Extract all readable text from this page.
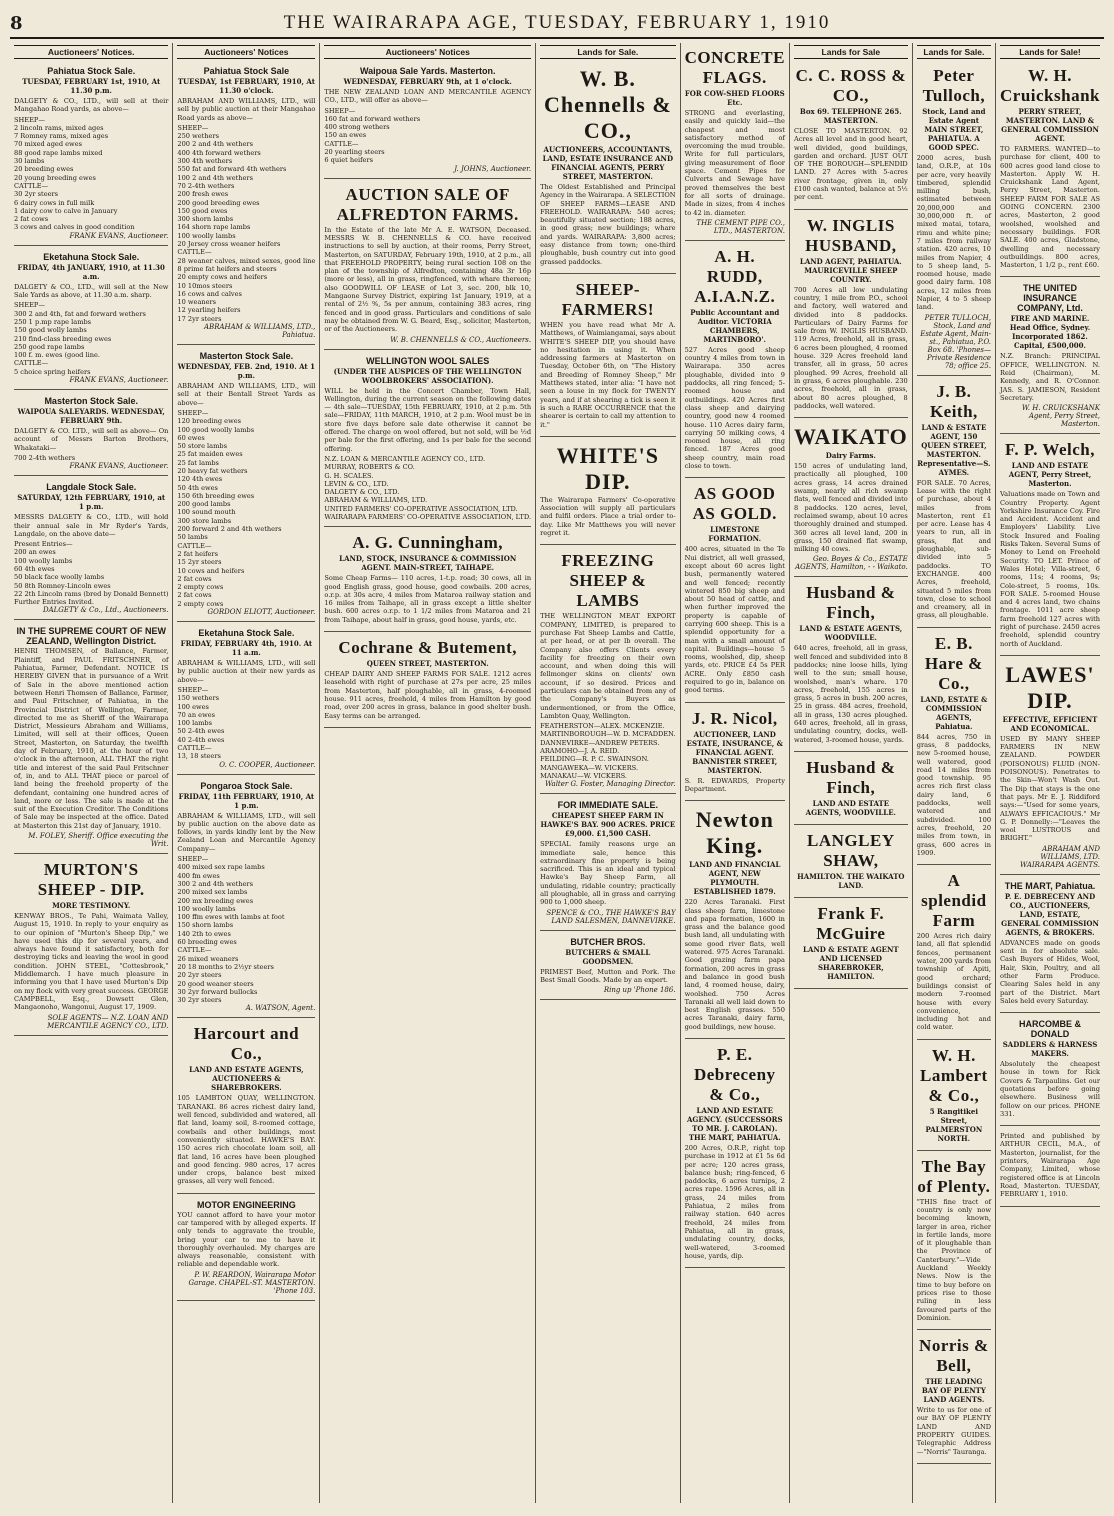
8	THE WAIRARAPA AGE, TUESDAY, FEBRUARY 1, 1910
Auctioneers' Notices.
Pahiatua Stock Sale.
TUESDAY, FEBRUARY 1st, 1910, At 11.30 p.m.

DALGETY & CO., LTD., will sell at their Mangahao Road yards, as above—

SHEEP—
2 lincoln rams, mixed ages
7 Romney rams, mixed ages
70 mixed aged ewes
88 good rape lambs mixed
30 lambs
20 breeding ewes
20 young breeding ewes
CATTLE—
30 2yr steers
6 dairy cows in full milk
1 dairy cow to calve in January
2 fat cows
3 cows and calves in good condition
FRANK EVANS, Auctioneer.
Eketahuna Stock Sale.
FRIDAY, 4th JANUARY, 1910, at 11.30 a.m.

DALGETY & CO., LTD., will sell at the New Sale Yards as above, at 11.30 a.m. sharp.

SHEEP—
300 2 and 4th, fat and forward wethers
250 1 p.mp rape lambs
150 good wolly lambs
210 find-class breeding ewes
250 good rape lambs
100 f. m. ewes (good line.
CATTLE—
5 choice spring heifers
FRANK EVANS, Auctioneer.
Masterton Stock Sale.
WAIPOUA SALEYARDS. WEDNESDAY, FEBRUARY 9th.

DALGETY & CO. LTD., will sell as above— On account of Messrs Barton Brothers, Whakataki—

700 2-4th wethers
FRANK EVANS, Auctioneer.
Langdale Stock Sale.
SATURDAY, 12th FEBRUARY, 1910, at 1 p.m.

MESSRS DALGETY & CO., LTD., will hold their annual sale in Mr Ryder's Yards, Langdale, on the above date—

Present Entries—
200 an ewes
100 woolly lambs
60 4th ewes
50 black face woolly lambs
50 8th Romney-Lincoln ewes
22 2th Lincoln rams (bred by Donald Bennett)
Further Entries Invited.
DALGETY & Co., Ltd., Auctioneers.
IN THE SUPREME COURT OF NEW ZEALAND, Wellington District.

HENRI THOMSEN, of Ballance, Farmer, Plaintiff, and PAUL FRITSCHNER, of Pahiatua, Farmer, Defendant. NOTICE IS HEREBY GIVEN that in pursuance of a Writ of Sale in the above mentioned action between Henri Thomsen of Ballance, Farmer, and Paul Fritschner, of Pahiatua, in the Provincial District of Wellington, Farmer, directed to me as Sheriff of the Wairarapa District, Messieurs Abraham and Williams, Limited, will sell at their offices, Queen Street, Masterton, on Saturday, the twelfth day of February, 1910, at the hour of two o'clock in the afternoon, ALL THAT the right title and interest of the said Paul Fritschner of, in, and to ALL THAT piece or parcel of land being the freehold property of the defendant, containing one hundred acres of land, more or less. The sale is made at the suit of the Execution Creditor. The Conditions of Sale may be inspected at the office. Dated at Masterton this 21st day of January, 1910.

M. FOLEY, Sheriff. Office executing the Writ.
MURTON'S SHEEP - DIP.
MORE TESTIMONY.

KENWAY BROS., Te Pahi, Waimata Valley, August 15, 1910. In reply to your enquiry as to our opinion of "Murton's Sheep Dip," we have used this dip for several years, and always have found it satisfactory, both for destroying ticks and leaving the wool in good condition. JOHN STEEL, "Cottesbrook," Middlemarch. I have much pleasure in informing you that I have used Murton's Dip on my flock with very great success. GEORGE CAMPBELL, Esq., Dowsett Glen, Mangaonoho, Wangonui, August 17, 1909.

SOLE AGENTS— N.Z. LOAN AND MERCANTILE AGENCY CO., LTD.
Auctioneers' Notices
Pahiatua Stock Sale
TUESDAY, 1st FEBRUARY, 1910, At 11.30 o'clock.

ABRAHAM AND WILLIAMS, LTD., will sell by public auction at their Mangahao Road yards as above—

SHEEP—
250 wethers
200 2 and 4th wethers
400 4th forward wethers
300 4th wethers
550 fat and forward 4th wethers
100 2 and 4th wethers
70 2-4th wethers
200 fresh ewes
200 good breeding ewes
150 good ewes
300 shorn lambs
164 shorn rape lambs
100 woolly lambs
20 Jersey cross weaner heifers
CATTLE—
28 weaner calves, mixed sexes, good line
8 prime fat heifers and steers
20 empty cows and heifers
10 10mos steers
16 cows and calves
10 weaners
12 yearling heifers
17 2yr steers
ABRAHAM & WILLIAMS, LTD., Pahiatua.
Masterton Stock Sale.
WEDNESDAY, FEB. 2nd, 1910. At 1 p.m.

ABRAHAM AND WILLIAMS, LTD., will sell at their Bentall Street Yards as above—

SHEEP—
120 breeding ewes
100 good woolly lambs
60 ewes
50 store lambs
25 fat maiden ewes
25 fat lambs
20 heavy fat wethers
120 4th ewes
50 4th ewes
150 6th breeding ewes
200 good lambs
100 sound mouth
300 store lambs
200 forward 2 and 4th wethers
50 lambs
CATTLE—
2 fat heifers
15 2yr steers
10 cows and heifers
2 fat cows
2 empty cows
2 fat cows
2 empty cows
GORDON ELIOTT, Auctioneer.
Eketahuna Stock Sale.
FRIDAY, FEBRUARY 4th, 1910. At 11 a.m.

ABRAHAM & WILLIAMS, LTD., will sell by public auction at their new yards as above—

SHEEP—
150 wethers
100 ewes
70 an ewes
100 lambs
50 2-4th ewes
40 2-4th ewes
CATTLE—
13, 18 steers
O. C. COOPER, Auctioneer.
Pongaroa Stock Sale.
FRIDAY, 11th FEBRUARY, 1910, At 1 p.m.

ABRAHAM & WILLIAMS, LTD., will sell by public auction on the above date as follows, in yards kindly lent by the New Zealand Loan and Mercantile Agency Company—

SHEEP—
400 mixed sex rape lambs
400 fm ewes
300 2 and 4th wethers
200 mixed sex lambs
200 mx breeding ewes
100 woolly lambs
100 ffm ewes with lambs at foot
150 shorn lambs
140 2th to ewes
60 breeding ewes
CATTLE—
26 mixed weaners
20 18 months to 2½yr steers
20 2yr steers
20 good weaner steers
30 2yr forward bullocks
30 2yr steers
A. WATSON, Agent.
Harcourt and Co.,
LAND AND ESTATE AGENTS, AUCTIONEERS & SHAREBROKERS.

105 LAMBTON QUAY, WELLINGTON. TARANAKI. 86 acres richest dairy land, well fenced, subdivided and watered, all flat land, loamy soil, 8-roomed cottage, cowbails and other buildings, most conveniently situated. HAWKE'S BAY. 150 acres rich chocolate loam soil, all flat land, 16 acres have been ploughed and good fencing. 980 acres, 17 acres under crops, balance best mixed grasses, all very well fenced.

MOTOR ENGINEERING

YOU cannot afford to have your motor car tampered with by alleged experts. If only tends to aggravate the trouble, bring your car to me to have it thoroughly overhauled. My charges are always reasonable, consistent with reliable and dependable work.

P. W. REARDON, Wairarapa Motor Garage. CHAPEL-ST. MASTERTON. 'Phone 103.
Auctioneers' Notices
Waipoua Sale Yards. Masterton.
WEDNESDAY, FEBRUARY 9th, at 1 o'clock.

THE NEW ZEALAND LOAN AND MERCANTILE AGENCY CO., LTD., will offer as above—

SHEEP—
160 fat and forward wethers
400 strong wethers
150 an ewes
CATTLE—
20 yearling steers
6 quiet heifers
J. JOHNS, Auctioneer.
AUCTION SALE OF ALFREDTON FARMS.

In the Estate of the late Mr A. E. WATSON, Deceased. MESSRS W. B. CHENNELLS & CO. have received instructions to sell by auction, at their rooms, Perry Street, Masterton, on SATURDAY, February 19th, 1910, at 2 p.m., all that FREEHOLD PROPERTY, being rural section 108 on the plan of the township of Alfredton, containing 48a 3r 16p (more or less), all in grass, ringfenced, with whare thereon; also GOODWILL OF LEASE of Lot 3, sec. 200, blk 10, Mangaone Survey District, expiring 1st January, 1919, at a rental of 2½ %, 5s per annum, containing 383 acres, ring fenced and in good grass. Particulars and conditions of sale may be obtained from W. G. Beard, Esq., solicitor, Masterton, or of the Auctioneers.

W. B. CHENNELLS & CO., Auctioneers.
WELLINGTON WOOL SALES
(UNDER THE AUSPICES OF THE WELLINGTON WOOLBROKERS' ASSOCIATION).

WILL be held in the Concert Chamber, Town Hall, Wellington, during the current season on the following dates— 4th sale—TUESDAY, 15th FEBRUARY, 1910, at 2 p.m. 5th sale—FRIDAY, 11th MARCH, 1910, at 2 p.m. Wool must be in store five days before sale date otherwise it cannot be offered. The charge on wool offered, but not sold, will be ½d per bale for the first offering, and 1s per bale for the second offering.

N.Z. LOAN & MERCANTILE AGENCY CO., LTD.
MURRAY, ROBERTS & CO.
G. H. SCALES.
LEVIN & CO., LTD.
DALGETY & CO., LTD.
ABRAHAM & WILLIAMS, LTD.
UNITED FARMERS' CO-OPERATIVE ASSOCIATION, LTD.
WAIRARAPA FARMERS' CO-OPERATIVE ASSOCIATION, LTD.
A. G. Cunningham,
LAND, STOCK, INSURANCE & COMMISSION AGENT. MAIN-STREET, TAIHAPE.

Some Cheap Farms— 110 acres, 1-t.p. road; 30 cows, all in good English grass, good house, good cowbails. 200 acres, o.r.p. at 30s acre, 4 miles from Mataroa railway station and 16 miles from Taihape, all in grass except a little shelter bush. 600 acres o.r.p. to 1 1/2 miles from Mataroa and 21 from Taihape, about half in grass, good house, yards, etc.

Cochrane & Butement,
QUEEN STREET, MASTERTON.

CHEAP DAIRY AND SHEEP FARMS FOR SALE. 1212 acres leasehold with right of purchase at 27s per acre, 25 miles from Masterton, half ploughable, all in grass, 4-roomed house. 911 acres, freehold, 4 miles from Hamilton by good road, over 200 acres in grass, balance in good shelter bush. Easy terms can be arranged.

Lands for Sale.
W. B. Chennells & CO.,
AUCTIONEERS, ACCOUNTANTS, LAND, ESTATE INSURANCE AND FINANCIAL AGENTS, PERRY STREET, MASTERTON.

The Oldest Established and Principal Agency in the Wairarapa. A SELECTION OF SHEEP FARMS—LEASE AND FREEHOLD. WAIRARAPA: 540 acres; beautifully situated section; 188 acres, in good grass; new buildings; whare and yards. WAIRARAPA: 3,800 acres; easy distance from town; one-third ploughable, bush country cut into good grassed paddocks.

SHEEP-FARMERS!

WHEN you have read what Mr A. Matthews, of Waimiangamai, says about WHITE'S SHEEP DIP, you should have no hesitation in using it. When addressing farmers at Masterton on Tuesday, October 6th, on "The History and Breeding of Romney Sheep," Mr Matthews stated, inter alia: "I have not seen a louse in my flock for TWENTY years, and if at shearing a tick is seen it is such a RARE OCCURRENCE that the shearer is certain to call my attention to it."

WHITE'S DIP.

The Wairarapa Farmers' Co-operative Association will supply all particulars and fulfil orders. Place a trial order to-day. Like Mr Matthews you will never regret it.

FREEZING SHEEP & LAMBS

THE WELLINGTON MEAT EXPORT COMPANY, LIMITED, is prepared to purchase Fat Sheep Lambs and Cattle, at per head, or at per lb overall. The Company also offers Clients every facility for freezing on their own account, and when doing this will fellmonger skins on clients' own account, if so desired. Prices and particulars can be obtained from any of the Company's Buyers as undermentioned, or from the Office, Lambton Quay, Wellington.

FEATHERSTON—ALEX. MCKENZIE.
MARTINBOROUGH—W. D. MCFADDEN.
DANNEVIRKE—ANDREW PETERS.
ARAMOHO—J. A. REID.
FEILDING—R. P. C. SWAINSON.
MANGAWEKA—W. VICKERS.
MANAKAU—W. VICKERS.
Walter G. Foster, Managing Director.
FOR IMMEDIATE SALE.
CHEAPEST SHEEP FARM IN HAWKE'S BAY. 900 ACRES. PRICE £9,000. £1,500 CASH.

SPECIAL family reasons urge an immediate sale, hence this extraordinary fine property is being sacrificed. This is an ideal and typical Hawke's Bay Sheep Farm, all undulating, ridable country; practically all ploughable, all in grass and carrying 900 to 1,000 sheep.

SPENCE & CO., THE HAWKE'S BAY LAND SALESMEN, DANNEVIRKE.
BUTCHER BROS.
BUTCHERS & SMALL GOODSMEN.

PRIMEST Beef, Mutton and Pork. The Best Small Goods. Made by an expert.

Ring up 'Phone 186.
CONCRETE FLAGS.
FOR COW-SHED FLOORS Etc.

STRONG and everlasting, easily and quickly laid—the cheapest and most satisfactory method of overcoming the mud trouble. Write for full particulars, giving measurement of floor space. Cement Pipes for Culverts and Sewage have proved themselves the best for all sorts of drainage. Made in sizes, from 4 inches to 42 in. diameter.

THE CEMENT PIPE CO., LTD., MASTERTON.
A. H. RUDD, A.I.A.N.Z.
Public Accountant and Auditor. VICTORIA CHAMBERS, MARTINBORO'.

527 Acres good sheep country 4 miles from town in Wairarapa. 350 acres ploughable, divided into 9 paddocks, all ring fenced; 5-roomed house and outbuildings. 420 Acres first class sheep and dairying country, good new 4 roomed house. 110 Acres dairy farm, carrying 50 milking cows, 4 roomed house, all ring fenced. 187 Acres good sheep country, main road close to town.

AS GOOD AS GOLD.
LIMESTONE FORMATION.

400 acres, situated in the Te Nui district, all well grassed, except about 60 acres light bush, permanently watered and well fenced; recently wintered 850 big sheep and about 50 head of cattle, and when further improved the property is capable of carrying 600 sheep. This is a splendid opportunity for a man with a small amount of capital. Buildings—house 5 rooms, woolshed, dip, sheep yards, etc. PRICE £4 5s PER ACRE. Only £850 cash required to go in, balance on good terms.

J. R. Nicol,
AUCTIONEER, LAND ESTATE, INSURANCE, & FINANCIAL AGENT. BANNISTER STREET, MASTERTON.

S. R. EDWARDS, Property Department.

Newton King.
LAND AND FINANCIAL AGENT, NEW PLYMOUTH. ESTABLISHED 1879.

220 Acres Taranaki. First class sheep farm, limestone and papa formation, 1600 in grass and the balance good bush land, all undulating with some good river flats, well watered. 975 Acres Taranaki. Good grazing farm papa formation, 200 acres in grass and balance in good bush land, 4 roomed house, dairy, woolshed. 750 Acres Taranaki all well laid down to best English grasses. 550 acres Taranaki, dairy farm, good buildings, new house.

P. E. Debreceny & Co.,
LAND AND ESTATE AGENCY. (SUCCESSORS TO MR. J. CAROLAN). THE MART, PAHIATUA.

200 Acres, O.R.P., right top purchase in 1912 at £1 5s 6d per acre; 120 acres grass, balance bush; ring-fenced, 6 paddocks, 6 acres turnips, 2 acres rape. 1596 Acres, all in grass, 24 miles from Pahiatua, 2 miles from railway station. 640 acres freehold, 24 miles from Pahiatua, all in grass, undulating country, docks, well-watered, 3-roomed house, yards, dip.

Lands for Sale
C. C. ROSS & CO.,
Box 69. TELEPHONE 265. MASTERTON.

CLOSE TO MASTERTON. 92 Acres all level and in good heart, well divided, good buildings, garden and orchard. JUST OUT OF THE BOROUGH—SPLENDID LAND. 27 Acres with 5-acres river frontage, given in, only £100 cash wanted, balance at 5½ per cent.

W. INGLIS HUSBAND,
LAND AGENT, PAHIATUA. MAURICEVILLE SHEEP COUNTRY.

700 Acres all low undulating country, 1 mile from P.O., school and factory, well watered and divided into 8 paddocks. Particulars of Dairy Farms for sale from W. INGLIS HUSBAND. 119 Acres, freehold, all in grass, 6 acres been ploughed, 4 roomed house. 329 Acres freehold land transfer, all in grass, 50 acres ploughed. 99 Acres, freehold all in grass, 6 acres ploughable. 230 acres, freehold, all in grass, about 80 acres ploughed, 8 paddocks, well watered.

WAIKATO
Dairy Farms.

150 acres of undulating land, practically all ploughed, 100 acres grass, 14 acres drained swamp, nearly all rich swamp flats, well fenced and divided into 8 paddocks. 120 acres, level, reclaimed swamp, about 10 acres thoroughly drained and stumped. 360 acres all level land, 200 in grass, 150 drained flat swamp, milking 40 cows.

Geo. Boyes & Co., ESTATE AGENTS, Hamilton, - - Waikato.
Husband & Finch,
LAND & ESTATE AGENTS, WOODVILLE.

640 acres, freehold, all in grass, well fenced and subdivided into 8 paddocks; nine loose hills, lying well to the sun; small house, woolshed, man's whare. 170 acres, freehold, 155 acres in grass, 5 acres in bush. 200 acres, 25 in grass. 484 acres, freehold, all in grass, 130 acres ploughed. 640 acres, freehold, all in grass, undulating country, docks, well-watered, 3-roomed house, yards.

Husband & Finch,
LAND AND ESTATE AGENTS, WOODVILLE.
LANGLEY SHAW,
HAMILTON. THE WAIKATO LAND.
Frank F. McGuire
LAND & ESTATE AGENT AND LICENSED SHAREBROKER, HAMILTON.
Lands for Sale.
Peter Tulloch,
Stock, Land and Estate Agent MAIN STREET, PAHIATUA. A GOOD SPEC.

2000 acres, bush land, O.R.P., at 10s per acre, very heavily timbered, splendid milling bush, estimated between 20,000,000 and 30,000,000 ft. of mixed matai, totara, rimu and white pine; 7 miles from railway station. 420 acres, 10 miles from Napier, 4 to 5 sheep land, 5-roomed house, made good dairy farm. 108 acres, 12 miles from Napier, 4 to 5 sheep land.

PETER TULLOCH, Stock, Land and Estate Agent, Main-st., Pahiatua, P.O. Box 68. 'Phones—Private Residence 78; office 25.
J. B. Keith,
LAND & ESTATE AGENT, 150 QUEEN STREET, MASTERTON. Representative—S. AYMES.

FOR SALE. 70 Acres, Lease with the right of purchase, about 4 miles from Masterton, rent £1 per acre. Lease has 4 years to run, all in grass, flat and ploughable, sub-divided into 5 paddocks. TO EXCHANGE. 400 Acres, freehold, situated 5 miles from town, close to school and creamery, all in grass, all ploughable.

E. B. Hare & Co.,
LAND, ESTATE & COMMISSION AGENTS, Pahiatua.

844 acres, 750 in grass, 8 paddocks, new 5-roomed house, well watered, good road 14 miles from good township. 95 acres rich first class dairy land, 6 paddocks, well watered and subdivided. 100 acres, freehold, 20 miles from town, in grass, 600 acres in 1909.

A splendid Farm

200 Acres rich dairy land, all flat splendid fences, permanent water, 200 yards from township of Apiti, good orchard; buildings consist of modern 7-roomed house with every convenience, including hot and cold water.

W. H. Lambert & Co.,
5 Rangitikei Street, PALMERSTON NORTH.
The Bay of Plenty.

"THIS fine tract of country is only now becoming known, larger in area, richer in fertile lands, more of it ploughable than the Province of Canterbury."—Vide Auckland Weekly News. Now is the time to buy before on prices rise to those ruling in less favoured parts of the Dominion.

Norris & Bell,
THE LEADING BAY OF PLENTY LAND AGENTS.

Write to us for one of our BAY OF PLENTY LAND AND PROPERTY GUIDES. Telegraphic Address—"Norris" Tauranga.

Lands for Sale!
W. H. Cruickshank
PERRY STREET, MASTERTON. LAND & GENERAL COMMISSION AGENT.

TO FARMERS. WANTED—to purchase for client, 400 to 600 acres good land close to Masterton. Apply W. H. Cruickshank Land Agent, Perry Street, Masterton. SHEEP FARM FOR SALE AS GOING CONCERN. 2300 acres, Masterton, 2 good woolshed, woolshed and necessary buildings. FOR SALE. 400 acres, Gladstone, dwelling and necessary outbuildings. 800 acres, Masterton, 1 1/2 p., rent £60.

THE UNITED INSURANCE COMPANY, Ltd.
FIRE AND MARINE. Head Office, Sydney. Incorporated 1862. Capital, £500,000.

N.Z. Branch: PRINCIPAL OFFICE, WELLINGTON. N. Reid (Chairman), M. Kennedy, and R. O'Connor. JAS. S. JAMIESON, Resident Secretary.

W. H. CRUICKSHANK Agent, Perry Street, Masterton.
F. P. Welch,
LAND AND ESTATE AGENT, Perry Street, Masterton.

Valuations made on Town and Country Property. Agent Yorkshire Insurance Coy. Fire and Accident. Accident and Employers' Liability. Live Stock Insured and Foaling Risks Taken. Several Sums of Money to Lend on Freehold Security. TO LET. Prince of Wales Hotel; Villa-street, 6 rooms, 11s; 4 rooms, 9s; Cole-street, 5 rooms, 10s. FOR SALE. 5-roomed House and 4 acres land, two chains frontage. 1011 acre sheep farm freehold 127 acres with right of purchase. 2450 acres freehold, splendid country north of Auckland.

LAWES' DIP.
EFFECTIVE, EFFICIENT AND ECONOMICAL.

USED BY MANY SHEEP FARMERS IN NEW ZEALAND. POWDER (POISONOUS) FLUID (NON-POISONOUS). Penetrates to the Skin—Won't Wash Out. The Dip that stays is the one that pays. Mr E. J. Riddiford says:—"Used for some years, ALWAYS EFFICACIOUS." Mr G. P. Donnelly:—"Leaves the wool LUSTROUS and BRIGHT."

ABRAHAM AND WILLIAMS, LTD. WAIRARAPA AGENTS.
THE MART, Pahiatua.
P. E. DEBRECENY AND CO., AUCTIONEERS, LAND, ESTATE, GENERAL COMMISSION AGENTS, & BROKERS.

ADVANCES made on goods sent in for absolute sale. Cash Buyers of Hides, Wool, Hair, Skin, Poultry, and all other Farm Produce. Clearing Sales held in any part of the District. Mart Sales held every Saturday.

HARCOMBE & DONALD
SADDLERS & HARNESS MAKERS.

Absolutely the cheapest house in town for Rick Covers & Tarpaulins. Get our quotations before going elsewhere. Business will follow on our prices. PHONE 331.

Printed and published by ARTHUR CECIL, M.A., of Masterton, journalist, for the printers, Wairarapa Age Company, Limited, whose registered office is at Lincoln Road, Masterton. TUESDAY, FEBRUARY 1, 1910.
